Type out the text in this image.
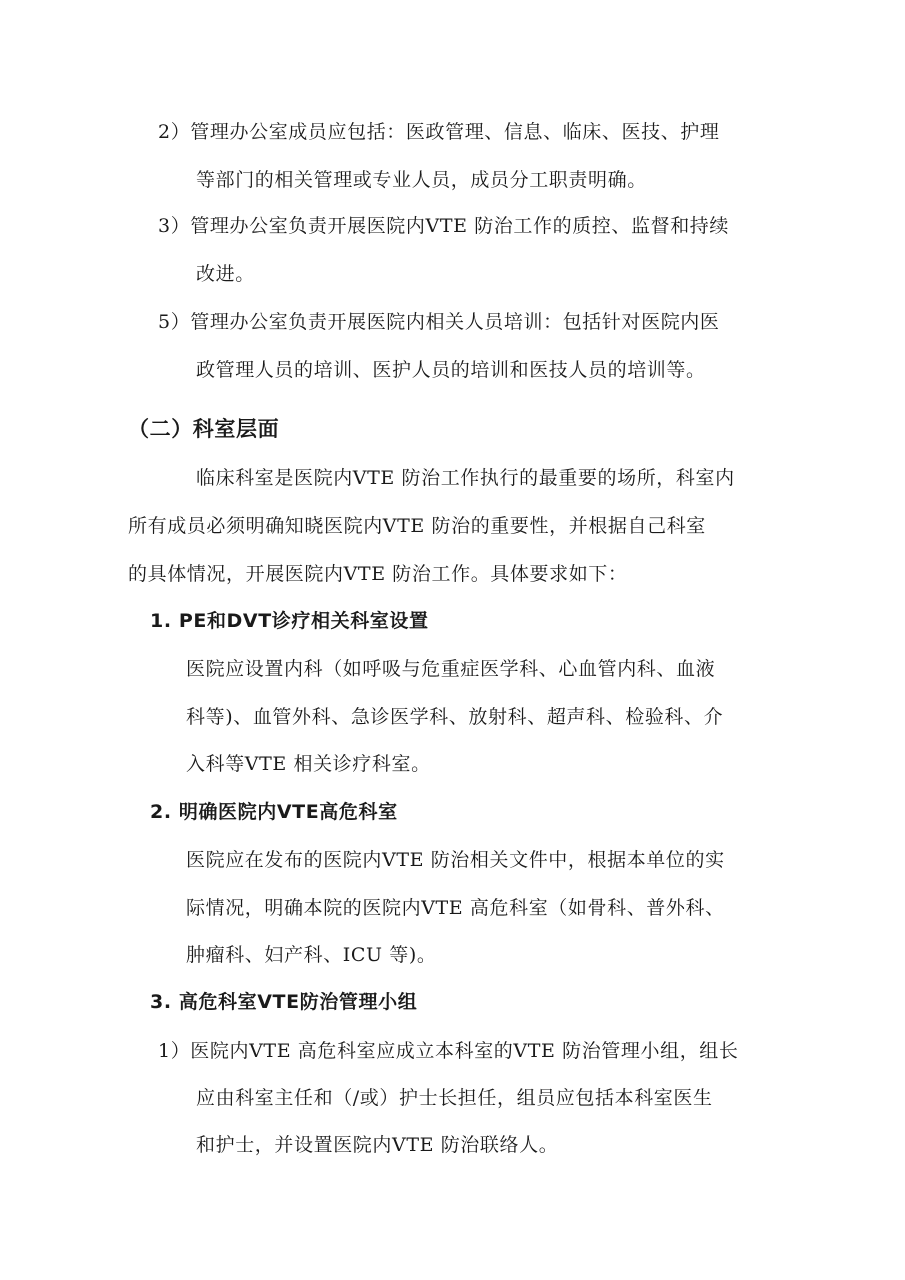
2）管理办公室成员应包括：医政管理、信息、临床、医技、护理
等部门的相关管理或专业人员，成员分工职责明确。
3）管理办公室负责开展医院内VTE 防治工作的质控、监督和持续
改进。
5）管理办公室负责开展医院内相关人员培训：包括针对医院内医
政管理人员的培训、医护人员的培训和医技人员的培训等。
（二）科室层面
临床科室是医院内VTE 防治工作执行的最重要的场所，科室内
所有成员必须明确知晓医院内VTE 防治的重要性，并根据自己科室
的具体情况，开展医院内VTE 防治工作。具体要求如下：
1. PE和DVT诊疗相关科室设置
医院应设置内科（如呼吸与危重症医学科、心血管内科、血液
科等)、血管外科、急诊医学科、放射科、超声科、检验科、介
入科等VTE 相关诊疗科室。
2. 明确医院内VTE高危科室
医院应在发布的医院内VTE 防治相关文件中，根据本单位的实
际情况，明确本院的医院内VTE 高危科室（如骨科、普外科、
肿瘤科、妇产科、ICU 等)。
3. 高危科室VTE防治管理小组
1）医院内VTE 高危科室应成立本科室的VTE 防治管理小组，组长
应由科室主任和（/或）护士长担任，组员应包括本科室医生
和护士，并设置医院内VTE 防治联络人。
